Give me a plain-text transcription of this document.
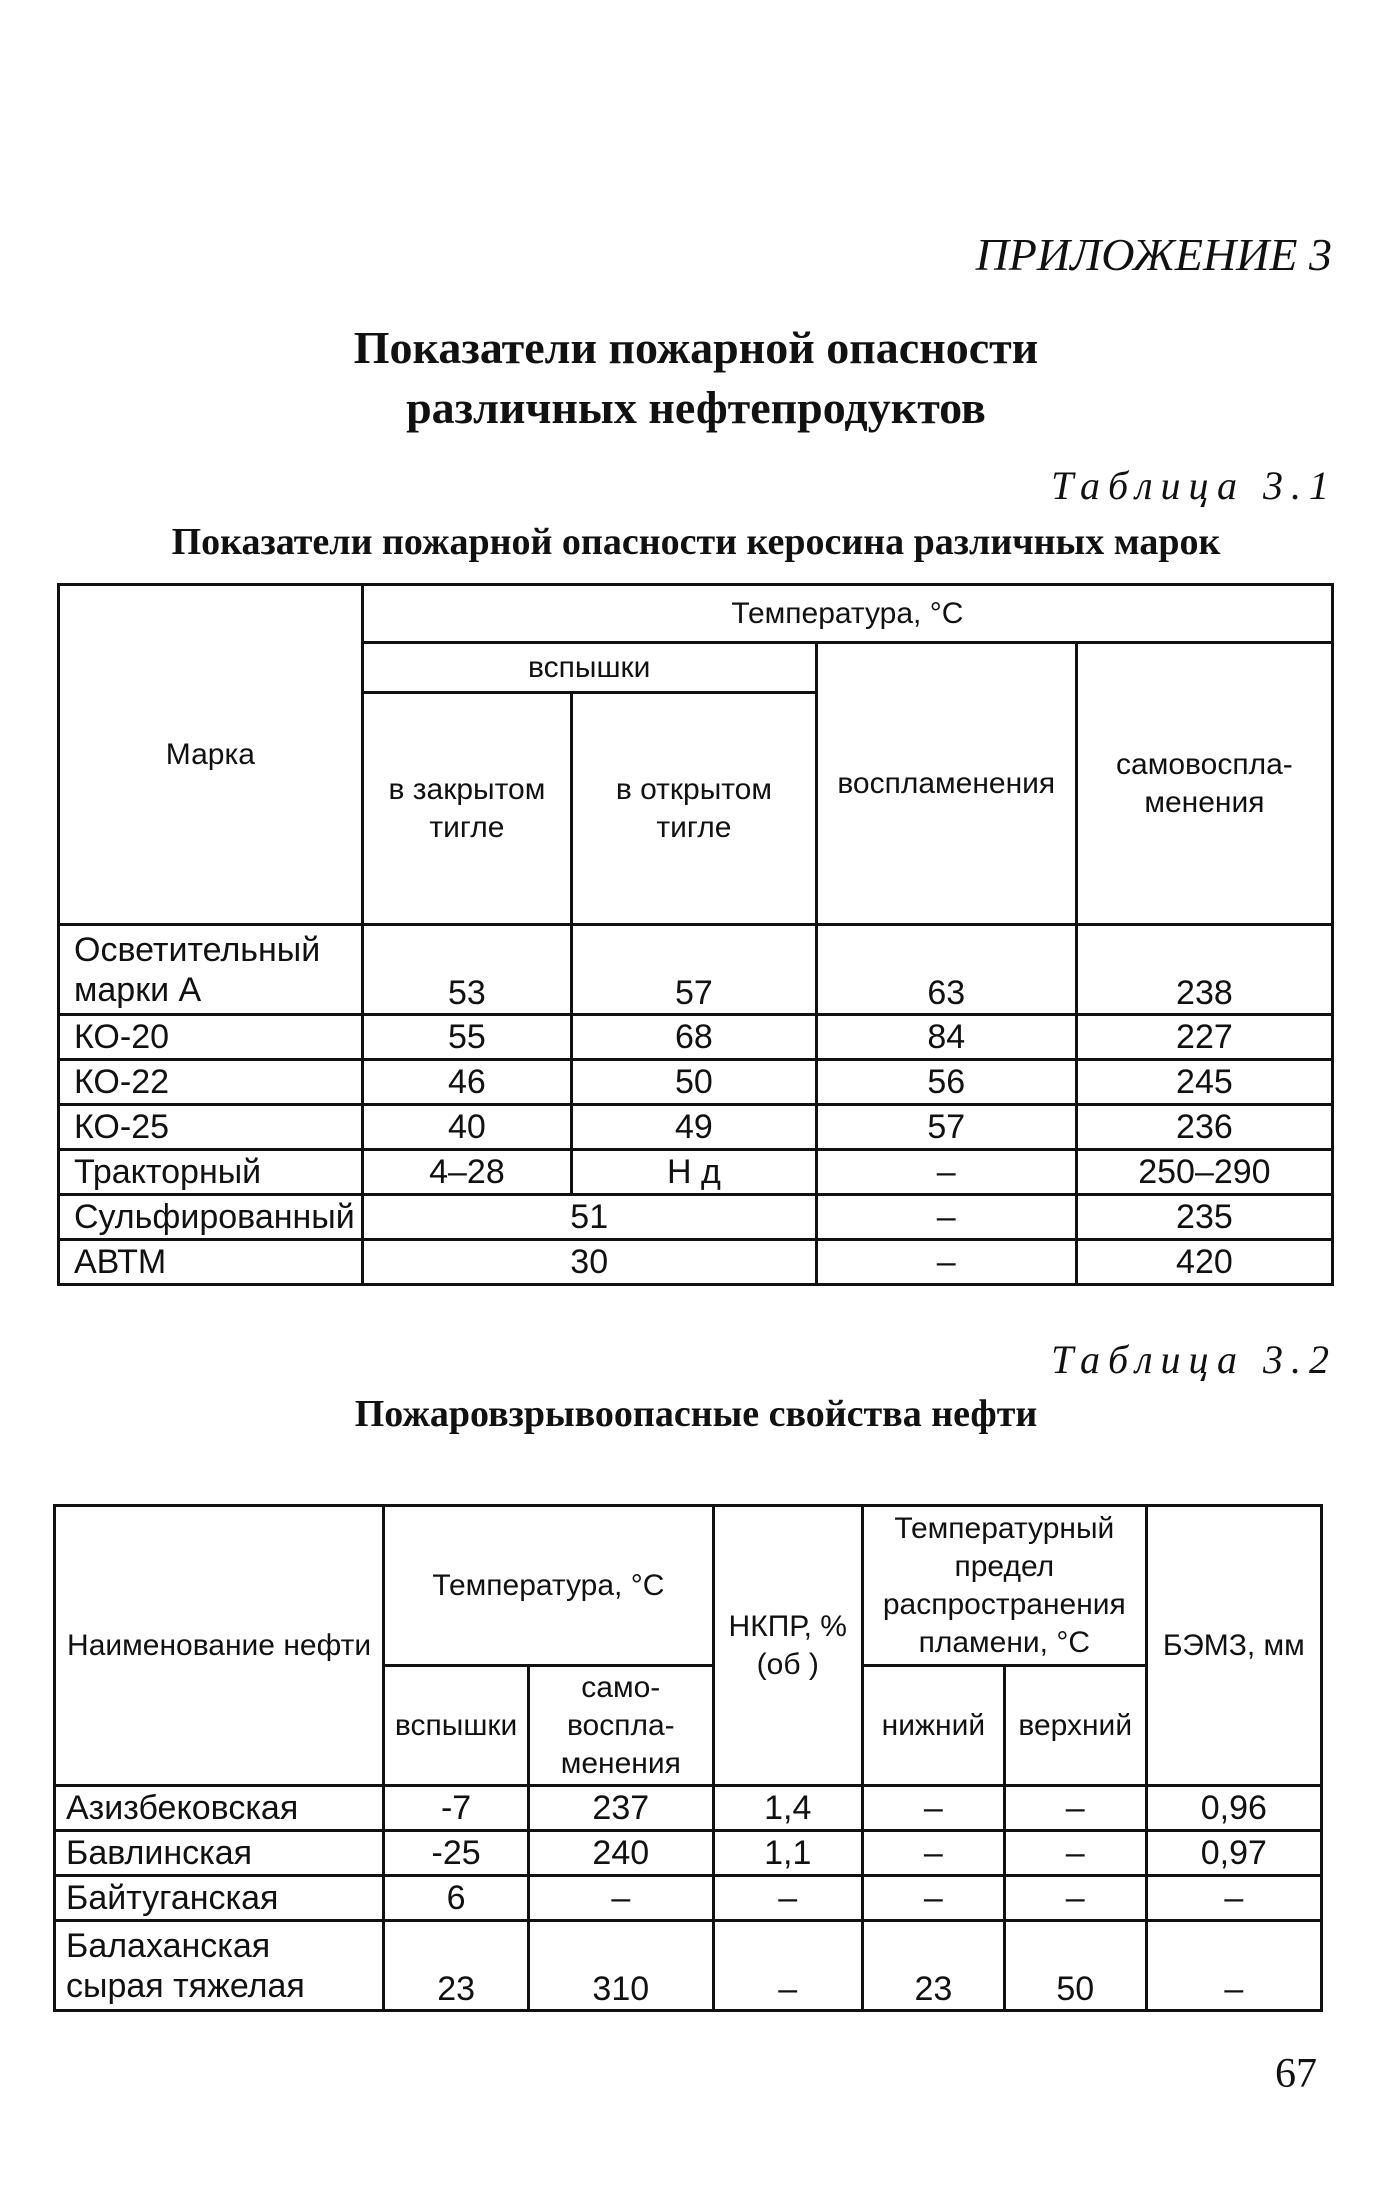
ПРИЛОЖЕНИЕ 3
Показатели пожарной опасности
различных нефтепродуктов
Таблица 3.1
Показатели пожарной опасности керосина различных марок
Марка	Температура, °С			
	вспышки		воспламенения	самовоспла-менения
	в закрытом тигле	в открытом тигле		
Осветительный марки А	53	57	63	238
КО-20	55	68	84	227
КО-22	46	50	56	245
КО-25	40	49	57	236
Тракторный	4–28	Н д	–	250–290
Сульфированный	51		–	235
АВТМ	30		–	420
Таблица 3.2
Пожаровзрывоопасные свойства нефти
Наименование нефти	Температура, °С		НКПР, % (об )	Температурный предел распространения пламени, °С		БЭМЗ, мм
	вспышки	само-воспла-менения		нижний	верхний	
Азизбековская	-7	237	1,4	–	–	0,96
Бавлинская	-25	240	1,1	–	–	0,97
Байтуганская	6	–	–	–	–	–
Балаханская сырая тяжелая	23	310	–	23	50	–
67
